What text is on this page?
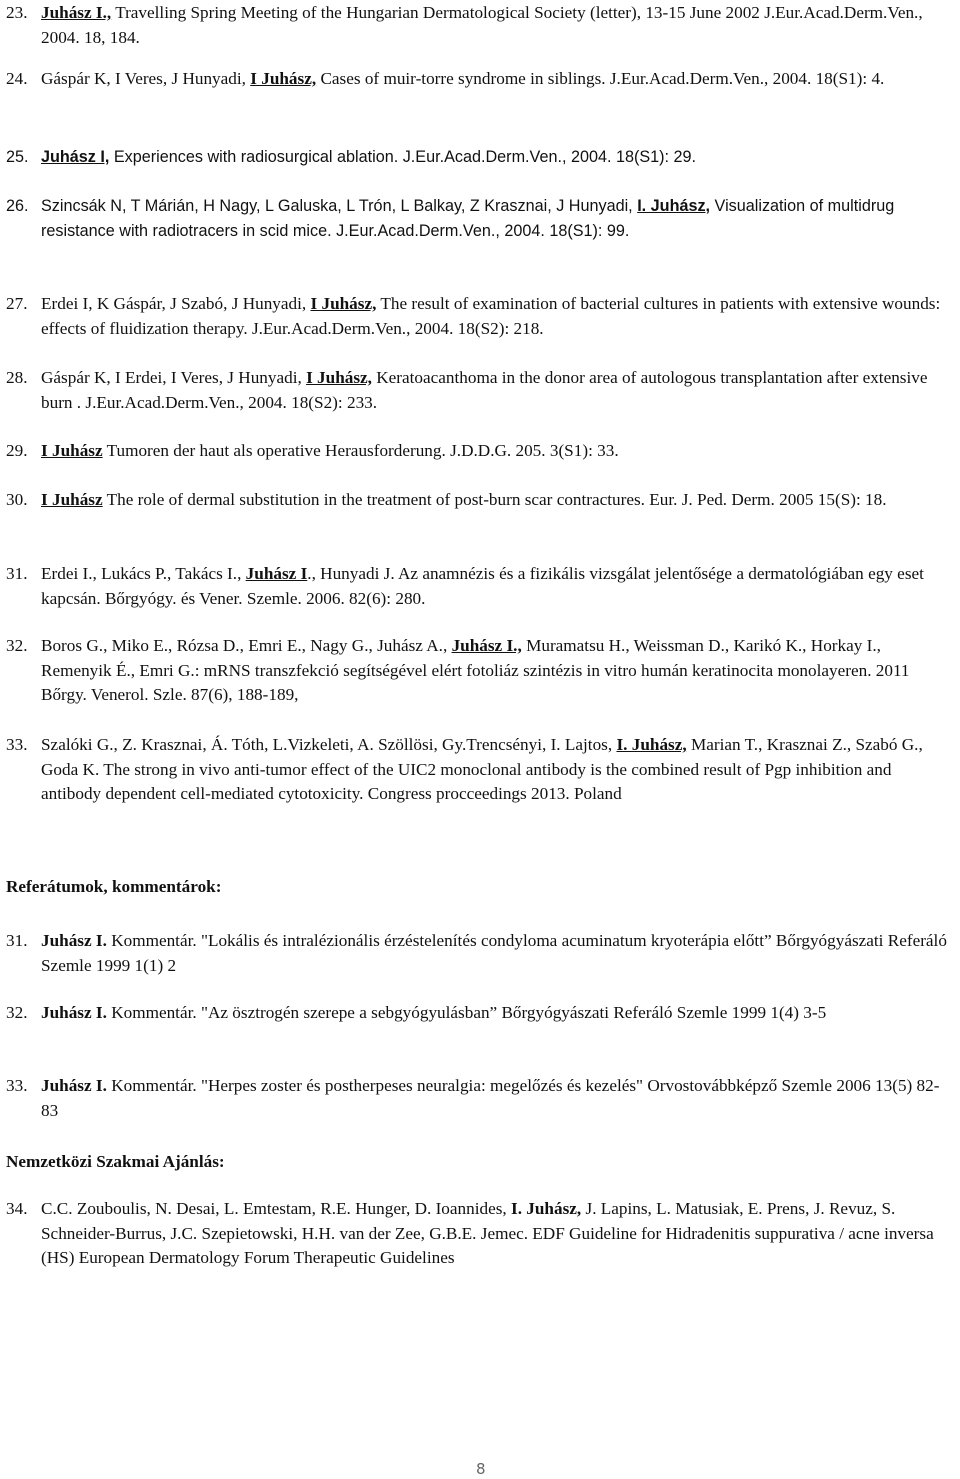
23. Juhász I., Travelling Spring Meeting of the Hungarian Dermatological Society (letter), 13-15 June 2002 J.Eur.Acad.Derm.Ven., 2004. 18, 184.
24. Gáspár K, I Veres, J Hunyadi, I Juhász, Cases of muir-torre syndrome in siblings. J.Eur.Acad.Derm.Ven., 2004. 18(S1): 4.
25. Juhász I, Experiences with radiosurgical ablation. J.Eur.Acad.Derm.Ven., 2004. 18(S1): 29.
26. Szincsák N, T Márián, H Nagy, L Galuska, L Trón, L Balkay, Z Krasznai, J Hunyadi, I. Juhász, Visualization of multidrug resistance with radiotracers in scid mice. J.Eur.Acad.Derm.Ven., 2004. 18(S1): 99.
27. Erdei I, K Gáspár, J Szabó, J Hunyadi, I Juhász, The result of examination of bacterial cultures in patients with extensive wounds: effects of fluidization therapy. J.Eur.Acad.Derm.Ven., 2004. 18(S2): 218.
28. Gáspár K, I Erdei, I Veres, J Hunyadi, I Juhász, Keratoacanthoma in the donor area of autologous transplantation after extensive burn . J.Eur.Acad.Derm.Ven., 2004. 18(S2): 233.
29. I Juhász Tumoren der haut als operative Herausforderung. J.D.D.G. 205. 3(S1): 33.
30. I Juhász The role of dermal substitution in the treatment of post-burn scar contractures. Eur. J. Ped. Derm. 2005 15(S): 18.
31. Erdei I., Lukács P., Takács I., Juhász I., Hunyadi J. Az anamnézis és a fizikális vizsgálat jelentősége a dermatológiában egy eset kapcsán. Bőrgyógy. és Vener. Szemle. 2006. 82(6): 280.
32. Boros G., Miko E., Rózsa D., Emri E., Nagy G., Juhász A., Juhász I., Muramatsu H., Weissman D., Karikó K., Horkay I., Remenyik É., Emri G.: mRNS transzfekció segítségével elért fotoliáz szintézis in vitro humán keratinocita monolayeren. 2011 Bőrgy. Venerol. Szle. 87(6), 188-189,
33. Szalóki G., Z. Krasznai, Á. Tóth, L.Vizkeleti, A. Szöllösi, Gy.Trencsényi, I. Lajtos, I. Juhász, Marian T., Krasznai Z., Szabó G., Goda K. The strong in vivo anti-tumor effect of the UIC2 monoclonal antibody is the combined result of Pgp inhibition and antibody dependent cell-mediated cytotoxicity. Congress procceedings 2013. Poland
Referátumok, kommentárok:
31. Juhász I. Kommentár. "Lokális és intralézionális érzéstelenítés condyloma acuminatum kryoterápia előtt” Bőrgyógyászati Referáló Szemle 1999 1(1) 2
32. Juhász I. Kommentár. "Az ösztrogén szerepe a sebgyógyulásban” Bőrgyógyászati Referáló Szemle 1999 1(4) 3-5
33. Juhász I. Kommentár. "Herpes zoster és postherpeses neuralgia: megelőzés és kezelés" Orvostovábbképző Szemle 2006 13(5) 82-83
Nemzetközi Szakmai Ajánlás:
34. C.C. Zouboulis, N. Desai, L. Emtestam, R.E. Hunger, D. Ioannides, I. Juhász, J. Lapins, L. Matusiak, E. Prens, J. Revuz, S. Schneider-Burrus, J.C. Szepietowski, H.H. van der Zee, G.B.E. Jemec. EDF Guideline for Hidradenitis suppurativa / acne inversa (HS) European Dermatology Forum Therapeutic Guidelines
8
